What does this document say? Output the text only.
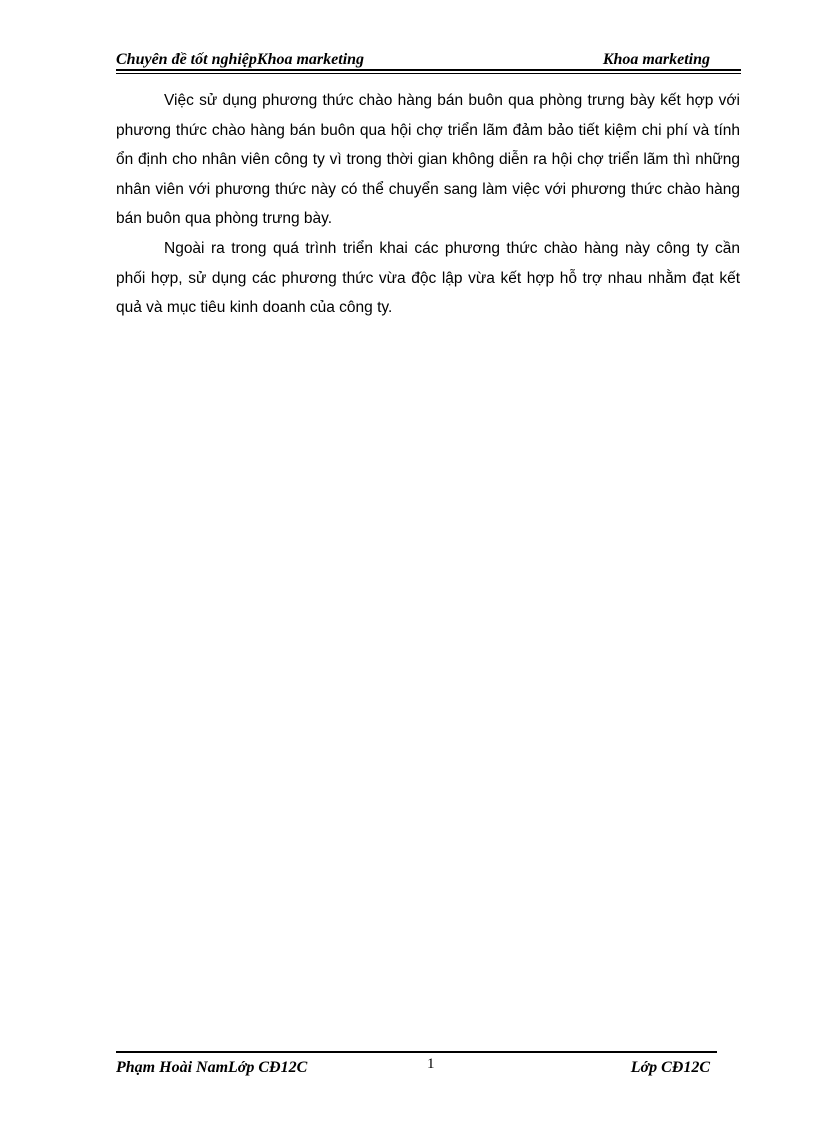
Chuyên đề tốt nghiệpKhoa marketing	Khoa marketing

Việc sử dụng phương thức chào hàng bán buôn qua phòng trưng bày kết hợp với phương thức chào hàng bán buôn qua hội chợ triển lãm đảm bảo tiết kiệm chi phí và tính ổn định cho nhân viên công ty vì trong thời gian không diễn ra hội chợ triển lãm thì những nhân viên với phương thức này có thể chuyển sang làm việc với phương thức chào hàng bán buôn qua phòng trưng bày.

Ngoài ra trong quá trình triển khai các phương thức chào hàng này công ty cần phối hợp, sử dụng các phương thức vừa độc lập vừa kết hợp hỗ trợ nhau nhằm đạt kết quả và mục tiêu kinh doanh của công ty.

Phạm Hoài NamLớp CĐ12C	1	Lớp CĐ12C
